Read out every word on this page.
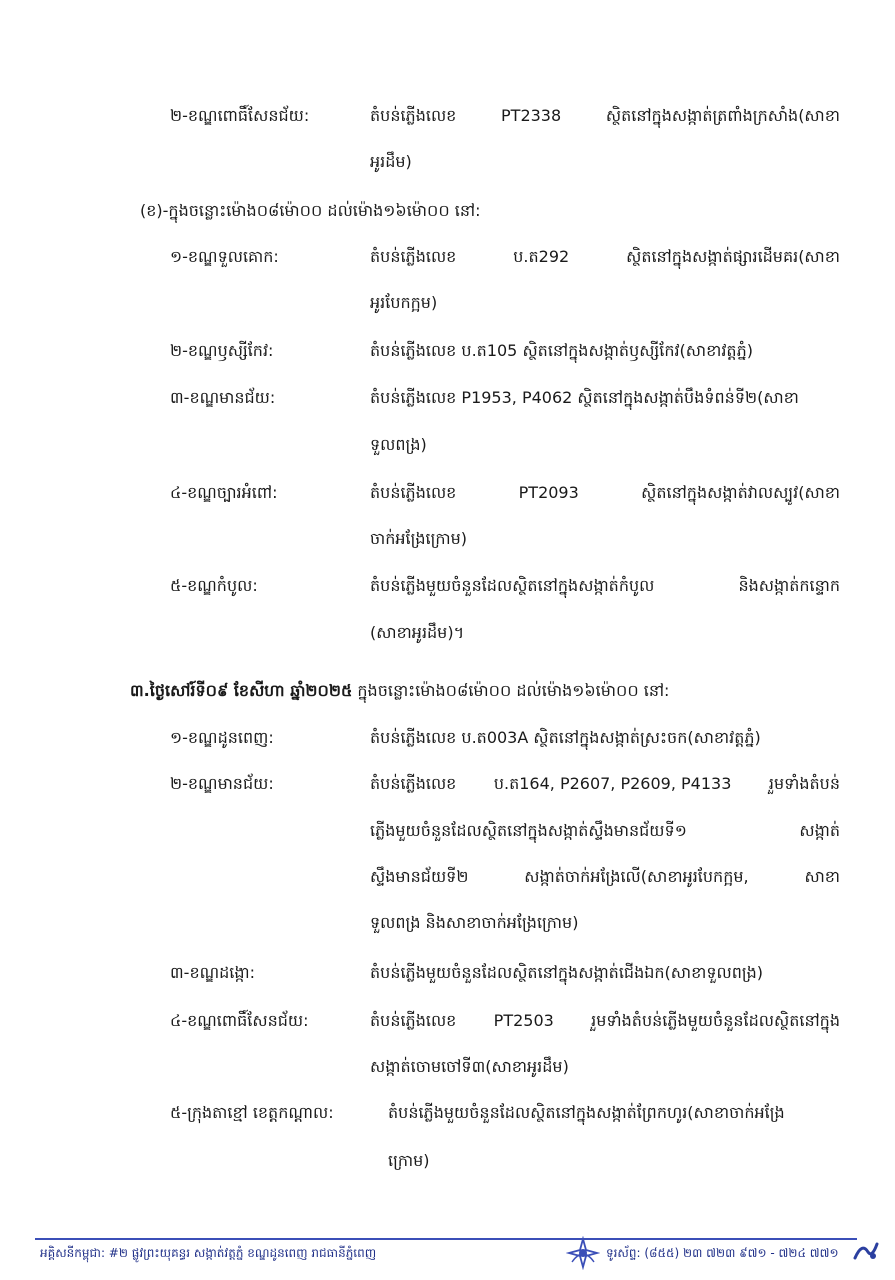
២-ខណ្ឌពោធិ៍សែនជ័យ:	តំបន់ភ្លើងលេខ	PT2338	ស្ថិតនៅក្នុងសង្កាត់ត្រពាំងក្រសាំង(សាខា
អូរដឹម)
(ខ)-ក្នុងចន្លោះម៉ោង០៨ម៉ោ០០ ដល់ម៉ោង១៦ម៉ោ០០ នៅ:
១-ខណ្ឌទួលគោក:	តំបន់ភ្លើងលេខ	ប.ត292	ស្ថិតនៅក្នុងសង្កាត់ផ្សារដើមគរ(សាខា
អូរបែកក្អម)
២-ខណ្ឌឫស្សីកែវ:	តំបន់ភ្លើងលេខ ប.ត105 ស្ថិតនៅក្នុងសង្កាត់ឫស្សីកែវ(សាខាវត្តភ្នំ)
៣-ខណ្ឌមានជ័យ:	តំបន់ភ្លើងលេខ P1953, P4062 ស្ថិតនៅក្នុងសង្កាត់បឹងទំពន់ទី២(សាខា
ទួលពង្រ)
៤-ខណ្ឌច្បារអំពៅ:	តំបន់ភ្លើងលេខ	PT2093	ស្ថិតនៅក្នុងសង្កាត់វាលស្បូវ(សាខា
ចាក់អង្រែក្រោម)
៥-ខណ្ឌកំបូល:	តំបន់ភ្លើងមួយចំនួនដែលស្ថិតនៅក្នុងសង្កាត់កំបូល	និងសង្កាត់កន្ទោក
(សាខាអូរដឹម)។
៣.ថ្ងៃសៅរ៍ទី០៩ ខែសីហា ឆ្នាំ២០២៥ ក្នុងចន្លោះម៉ោង០៨ម៉ោ០០ ដល់ម៉ោង១៦ម៉ោ០០ នៅ:
១-ខណ្ឌដូនពេញ:	តំបន់ភ្លើងលេខ ប.ត003A ស្ថិតនៅក្នុងសង្កាត់ស្រះចក(សាខាវត្តភ្នំ)
២-ខណ្ឌមានជ័យ:	តំបន់ភ្លើងលេខ ប.ត164, P2607, P2609, P4133 រួមទាំងតំបន់
ភ្លើងមួយចំនួនដែលស្ថិតនៅក្នុងសង្កាត់ស្ទឹងមានជ័យទី១	សង្កាត់
ស្ទឹងមានជ័យទី២	សង្កាត់ចាក់អង្រែលើ(សាខាអូរបែកក្អម,	សាខា
ទួលពង្រ និងសាខាចាក់អង្រែក្រោម)
៣-ខណ្ឌដង្កោ:	តំបន់ភ្លើងមួយចំនួនដែលស្ថិតនៅក្នុងសង្កាត់ជើងឯក(សាខាទួលពង្រ)
៤-ខណ្ឌពោធិ៍សែនជ័យ:	តំបន់ភ្លើងលេខ PT2503 រួមទាំងតំបន់ភ្លើងមួយចំនួនដែលស្ថិតនៅក្នុង
សង្កាត់ចោមចៅទី៣(សាខាអូរដឹម)
៥-ក្រុងតាខ្មៅ ខេត្តកណ្ដាល:	តំបន់ភ្លើងមួយចំនួនដែលស្ថិតនៅក្នុងសង្កាត់ព្រែកហូរ(សាខាចាក់អង្រែ
ក្រោម)
អគ្គិសនីកម្ពុជា: #២ ផ្លូវព្រះយុគន្ធរ សង្កាត់វត្តភ្នំ ខណ្ឌដូនពេញ រាជធានីភ្នំពេញ	ទូរស័ព្ទ: (៨៥៥) ២៣ ៧២៣ ៩៧១ - ៧២៤ ៧៧១
